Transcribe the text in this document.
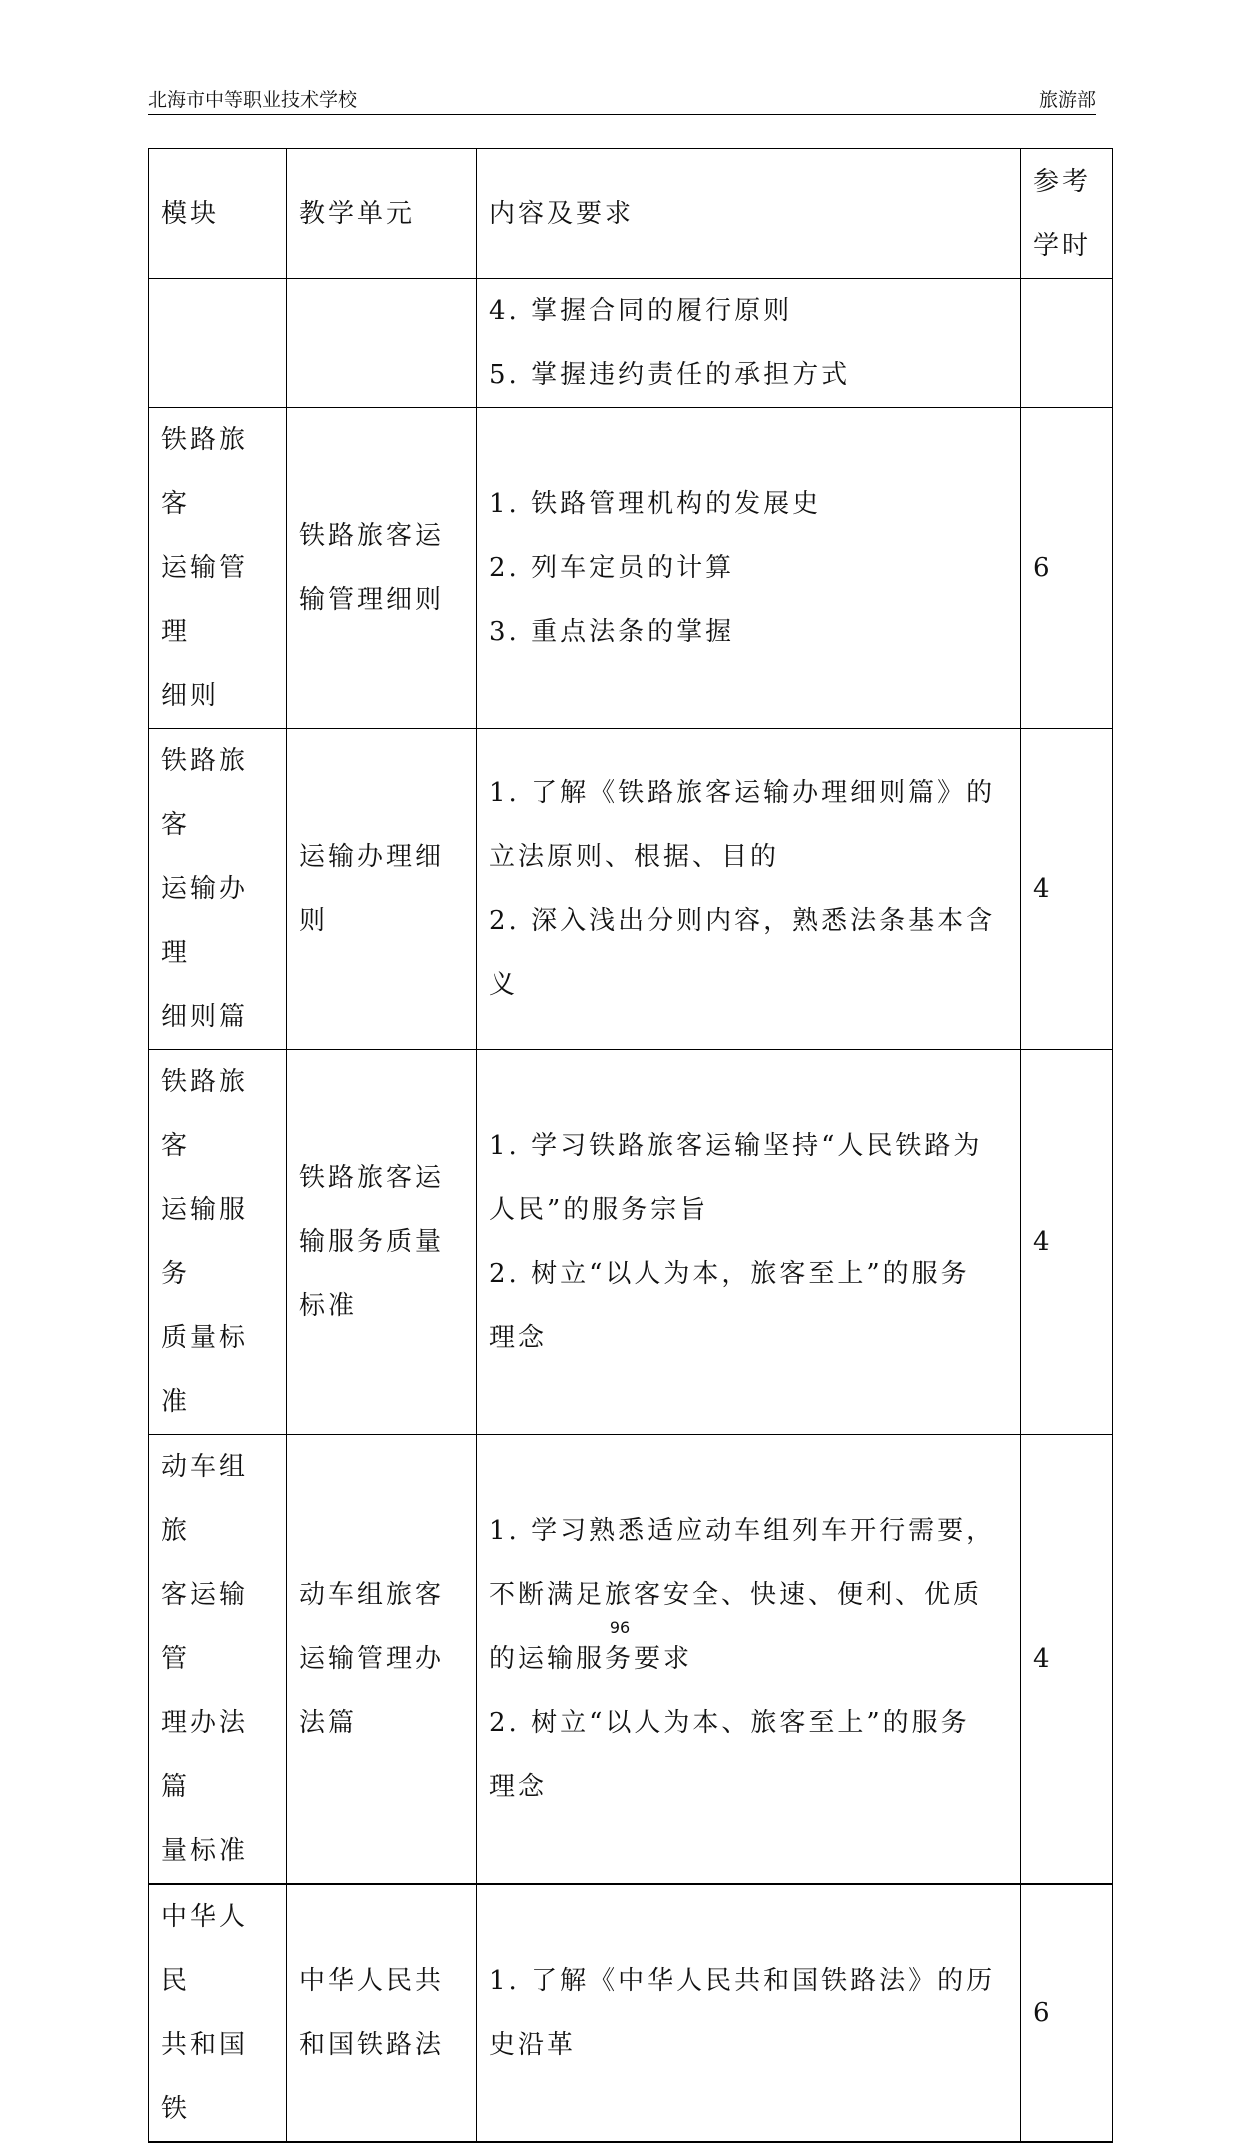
北海市中等职业技术学校	旅游部
模块	教学单元	内容及要求	参考
学时

		4. 掌握合同的履行原则
5. 掌握违约责任的承担方式	

铁路旅客
运输管理
细则	铁路旅客运
输管理细则	1. 铁路管理机构的发展史
2. 列车定员的计算
3. 重点法条的掌握	6

铁路旅客
运输办理
细则篇	运输办理细
则	1. 了解《铁路旅客运输办理细则篇》的
立法原则、根据、目的
2. 深入浅出分则内容，熟悉法条基本含
义	4

铁路旅客
运输服务
质量标准	铁路旅客运
输服务质量
标准	1. 学习铁路旅客运输坚持“人民铁路为
人民”的服务宗旨
2. 树立“以人为本，旅客至上”的服务
理念	4

动车组旅
客运输管
理办法篇
量标准	动车组旅客
运输管理办
法篇	1. 学习熟悉适应动车组列车开行需要，
不断满足旅客安全、快速、便利、优质
的运输服务要求
2. 树立“以人为本、旅客至上”的服务
理念	4

中华人民
共和国铁	中华人民共
和国铁路法	1. 了解《中华人民共和国铁路法》的历
史沿革	6
96
